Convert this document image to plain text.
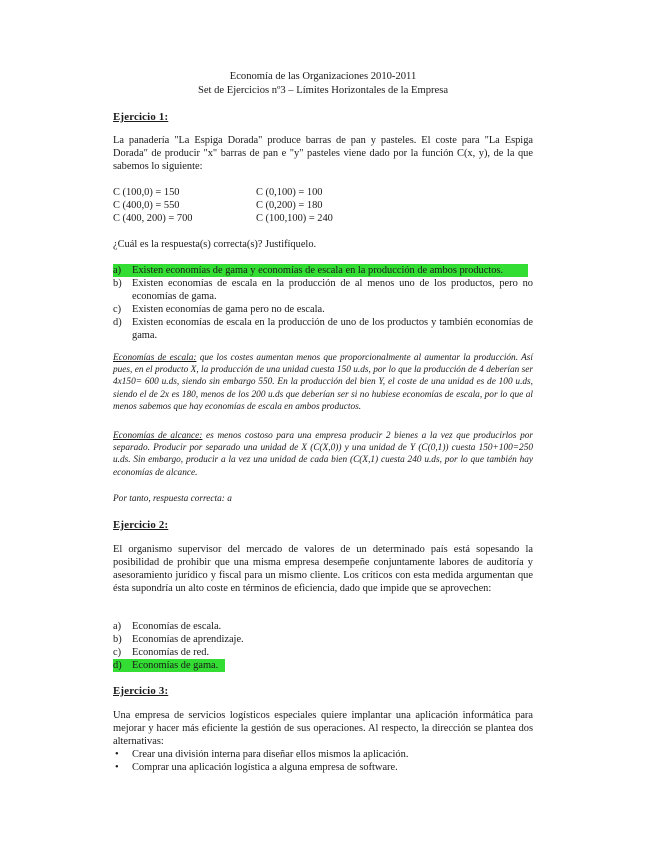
Economía de las Organizaciones 2010-2011
Set de Ejercicios nº3 – Límites Horizontales de la Empresa
Ejercicio 1:
La panadería "La Espiga Dorada" produce barras de pan y pasteles. El coste para "La Espiga Dorada" de producir "x" barras de pan e "y" pasteles viene dado por la función C(x, y), de la que sabemos lo siguiente:
C (100,0) = 150	C (0,100) = 100
C (400,0) = 550	C (0,200) = 180
C (400, 200) = 700	C (100,100) = 240
¿Cuál es la respuesta(s) correcta(s)? Justifíquelo.
a) Existen economías de gama y economías de escala en la producción de ambos productos.
b) Existen economías de escala en la producción de al menos uno de los productos, pero no economías de gama.
c) Existen economías de gama pero no de escala.
d) Existen economías de escala en la producción de uno de los productos y también economías de gama.
Economías de escala: que los costes aumentan menos que proporcionalmente al aumentar la producción. Así pues, en el producto X, la producción de una unidad cuesta 150 u.ds, por lo que la producción de 4 deberían ser 4x150= 600 u.ds, siendo sin embargo 550. En la producción del bien Y, el coste de una unidad es de 100 u.ds, siendo el de 2x es 180, menos de los 200 u.ds que deberían ser si no hubiese economías de escala, por lo que al menos sabemos que hay economías de escala en ambos productos.
Economías de alcance: es menos costoso para una empresa producir 2 bienes a la vez que producirlos por separado. Producir por separado una unidad de X (C(X,0)) y una unidad de Y (C(0,1)) cuesta 150+100=250 u.ds. Sin embargo, producir a la vez una unidad de cada bien (C(X,1) cuesta 240 u.ds, por lo que también hay economías de alcance.
Por tanto, respuesta correcta: a
Ejercicio 2:
El organismo supervisor del mercado de valores de un determinado país está sopesando la posibilidad de prohibir que una misma empresa desempeñe conjuntamente labores de auditoría y asesoramiento jurídico y fiscal para un mismo cliente. Los críticos con esta medida argumentan que ésta supondría un alto coste en términos de eficiencia, dado que impide que se aprovechen:
a) Economías de escala.
b) Economías de aprendizaje.
c) Economías de red.
d) Economías de gama.
Ejercicio 3:
Una empresa de servicios logísticos especiales quiere implantar una aplicación informática para mejorar y hacer más eficiente la gestión de sus operaciones. Al respecto, la dirección se plantea dos alternativas:
• Crear una división interna para diseñar ellos mismos la aplicación.
• Comprar una aplicación logística a alguna empresa de software.
